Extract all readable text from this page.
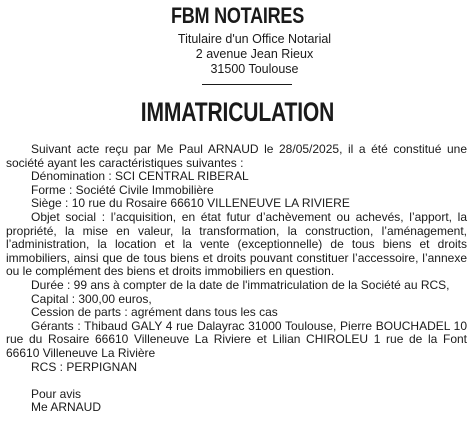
FBM NOTAIRES
Titulaire d'un Office Notarial
2 avenue Jean Rieux
31500 Toulouse
IMMATRICULATION

Suivant acte reçu par Me Paul ARNAUD le 28/05/2025, il a été constitué une société ayant les caractéristiques suivantes :

Dénomination : SCI CENTRAL RIBERAL

Forme : Société Civile Immobilière

Siège : 10 rue du Rosaire 66610 VILLENEUVE LA RIVIERE

Objet social : l’acquisition, en état futur d’achèvement ou achevés, l’apport, la propriété, la mise en valeur, la transformation, la construction, l’aménagement, l’administration, la location et la vente (exceptionnelle) de tous biens et droits immobiliers, ainsi que de tous biens et droits pouvant constituer l’accessoire, l’annexe ou le complément des biens et droits immobiliers en question.

Durée : 99 ans à compter de la date de l'immatriculation de la Société au RCS,

Capital : 300,00 euros,

Cession de parts : agrément dans tous les cas

Gérants : Thibaud GALY 4 rue Dalayrac 31000 Toulouse, Pierre BOUCHADEL 10 rue du Rosaire 66610 Villeneuve La Riviere et Lilian CHIROLEU 1 rue de la Font 66610 Villeneuve La Rivière

RCS : PERPIGNAN

Pour avis

Me ARNAUD
